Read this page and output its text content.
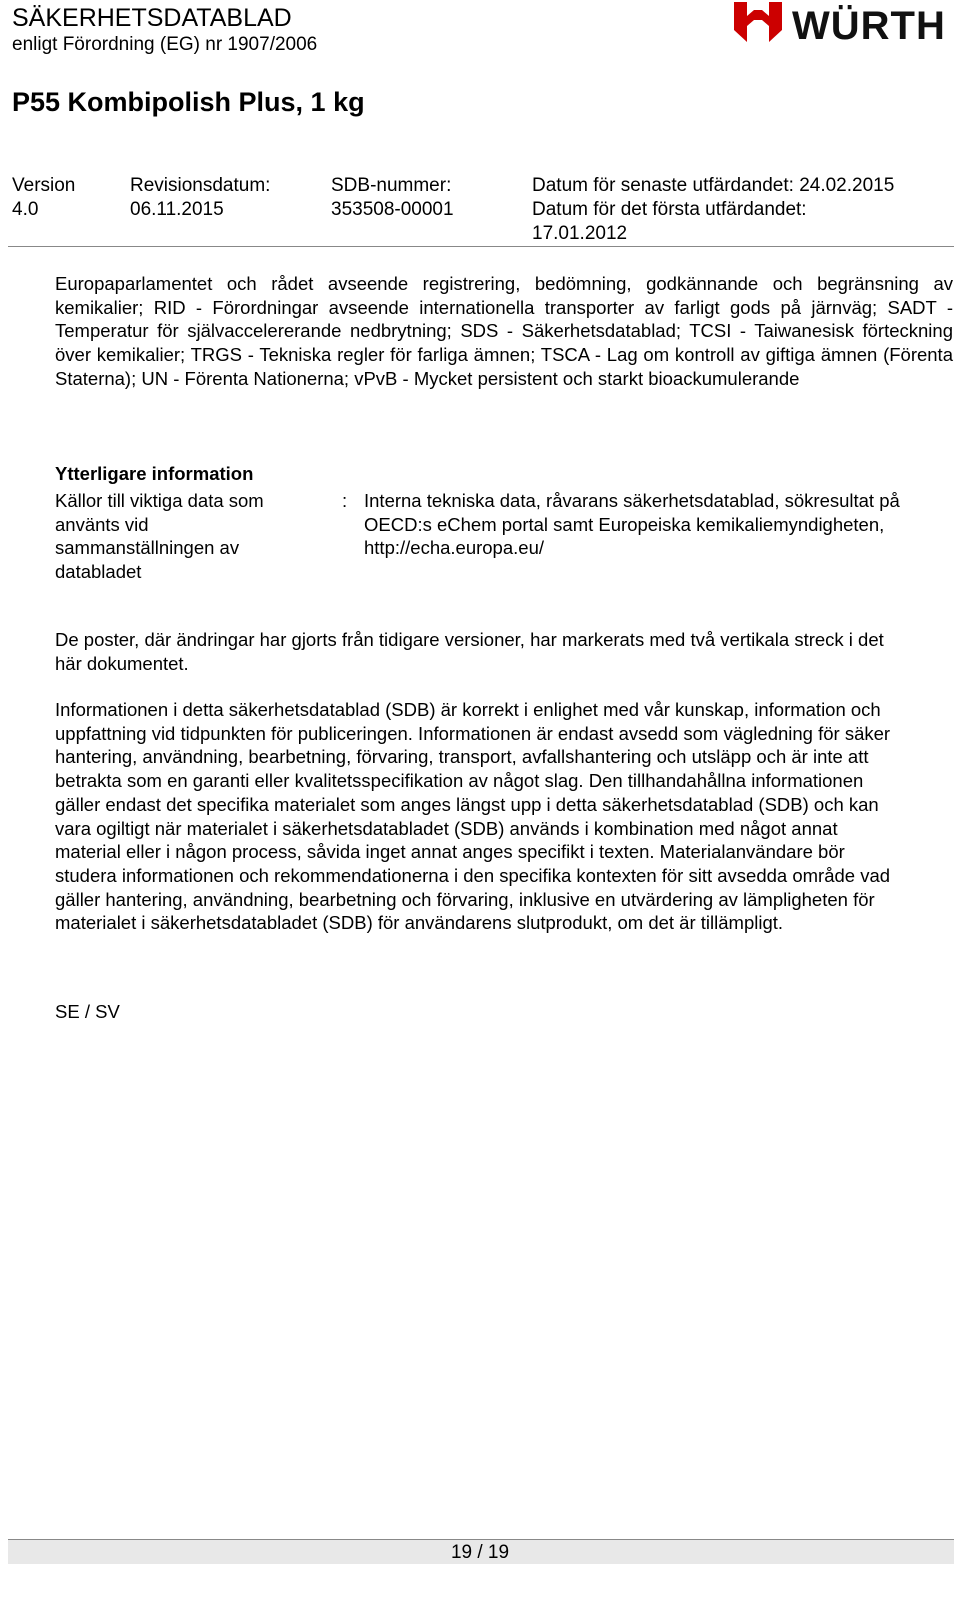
SÄKERHETSDATABLAD
enligt Förordning (EG) nr 1907/2006	WÜRTH
P55 Kombipolish Plus, 1 kg
Version
4.0
Revisionsdatum:
06.11.2015
SDB-nummer:
353508-00001
Datum för senaste utfärdandet: 24.02.2015
Datum för det första utfärdandet:
17.01.2012
Europaparlamentet och rådet avseende registrering, bedömning, godkännande och begränsning av kemikalier; RID - Förordningar avseende internationella transporter av farligt gods på järnväg; SADT - Temperatur för självaccelererande nedbrytning; SDS - Säkerhetsdatablad; TCSI - Taiwanesisk förteckning över kemikalier; TRGS - Tekniska regler för farliga ämnen; TSCA - Lag om kontroll av giftiga ämnen (Förenta Staterna); UN - Förenta Nationerna; vPvB - Mycket persistent och starkt bioackumulerande
Ytterligare information
Källor till viktiga data som använts vid sammanställningen av databladet
: Interna tekniska data, råvarans säkerhetsdatablad, sökresultat på OECD:s eChem portal samt Europeiska kemikaliemyndigheten, http://echa.europa.eu/
De poster, där ändringar har gjorts från tidigare versioner, har markerats med två vertikala streck i det här dokumentet.
Informationen i detta säkerhetsdatablad (SDB) är korrekt i enlighet med vår kunskap, information och uppfattning vid tidpunkten för publiceringen. Informationen är endast avsedd som vägledning för säker hantering, användning, bearbetning, förvaring, transport, avfallshantering och utsläpp och är inte att betrakta som en garanti eller kvalitetsspecifikation av något slag. Den tillhandahållna informationen gäller endast det specifika materialet som anges längst upp i detta säkerhetsdatablad (SDB) och kan vara ogiltigt när materialet i säkerhetsdatabladet (SDB) används i kombination med något annat material eller i någon process, såvida inget annat anges specifikt i texten. Materialanvändare bör studera informationen och rekommendationerna i den specifika kontexten för sitt avsedda område vad gäller hantering, användning, bearbetning och förvaring, inklusive en utvärdering av lämpligheten för materialet i säkerhetsdatabladet (SDB) för användarens slutprodukt, om det är tillämpligt.
SE / SV
19 / 19
